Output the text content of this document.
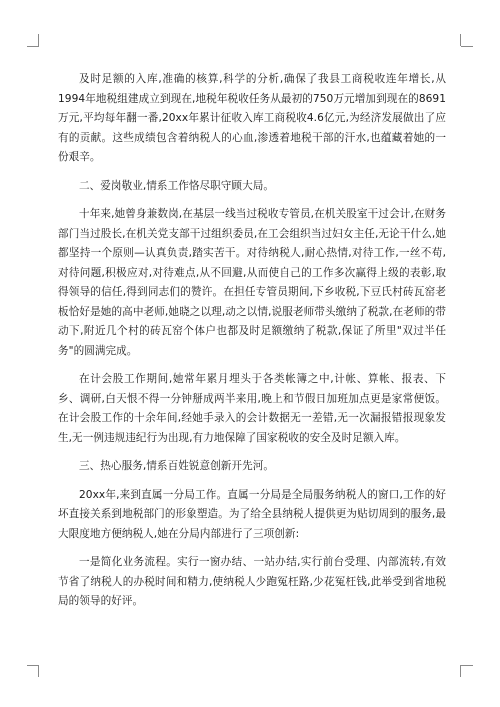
及时足额的入库,准确的核算,科学的分析,确保了我县工商税收连年增长,从1994年地税组建成立到现在,地税年税收任务从最初的750万元增加到现在的8691万元,平均每年翻一番,20xx年累计征收入库工商税收4.6亿元,为经济发展做出了应有的贡献。这些成绩包含着纳税人的心血,渗透着地税干部的汗水,也蕴藏着她的一份艰辛。

二、爱岗敬业,情系工作恪尽职守顾大局。

十年来,她曾身兼数岗,在基层一线当过税收专管员,在机关股室干过会计,在财务部门当过股长,在机关党支部干过组织委员,在工会组织当过妇女主任,无论干什么,她都坚持一个原则—认真负责,踏实苦干。对待纳税人,耐心热情,对待工作,一丝不苟,对待问题,积极应对,对待难点,从不回避,从而使自己的工作多次赢得上级的表彰,取得领导的信任,得到同志们的赞许。在担任专管员期间,下乡收税,下豆氏村砖瓦窑老板恰好是她的高中老师,她晓之以理,动之以情,说服老师带头缴纳了税款,在老师的带动下,附近几个村的砖瓦窑个体户也都及时足额缴纳了税款,保证了所里"双过半任务"的圆满完成。

在计会股工作期间,她常年累月埋头于各类帐簿之中,计帐、算帐、报表、下乡、调研,白天恨不得一分钟掰成两半来用,晚上和节假日加班加点更是家常便饭。在计会股工作的十余年间,经她手录入的会计数据无一差错,无一次漏报错报现象发生,无一例违规违纪行为出现,有力地保障了国家税收的安全及时足额入库。

三、热心服务,情系百姓锐意创新开先河。

20xx年,来到直属一分局工作。直属一分局是全局服务纳税人的窗口,工作的好坏直接关系到地税部门的形象塑造。为了给全县纳税人提供更为贴切周到的服务,最大限度地方便纳税人,她在分局内部进行了三项创新:

一是简化业务流程。实行一窗办结、一站办结,实行前台受理、内部流转,有效节省了纳税人的办税时间和精力,使纳税人少跑冤枉路,少花冤枉钱,此举受到省地税局的领导的好评。
